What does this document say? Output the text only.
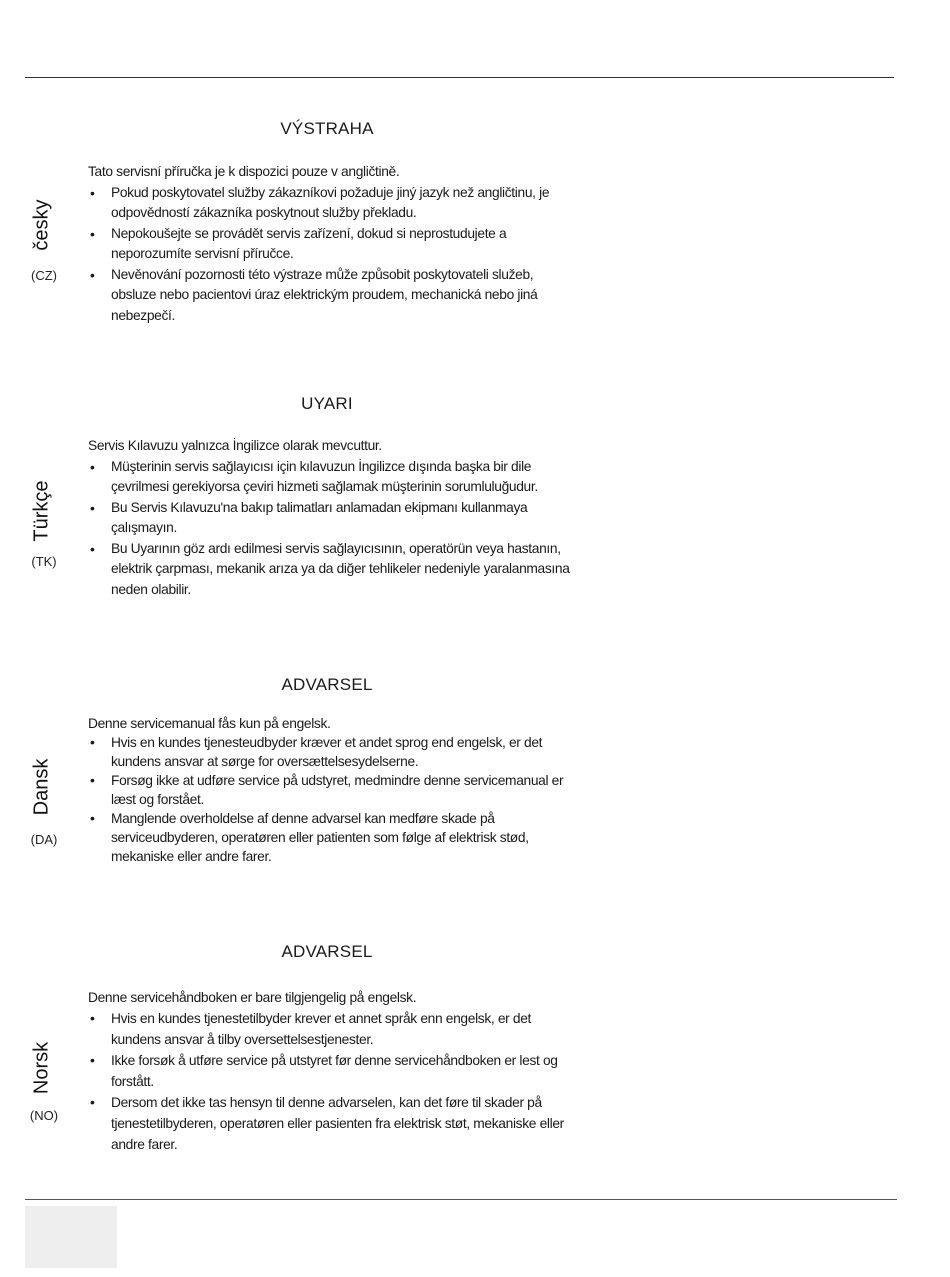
VÝSTRAHA
česky
(CZ)

Tato servisní příručka je k dispozici pouze v angličtině.

• Pokud poskytovatel služby zákazníkovi požaduje jiný jazyk než angličtinu, je odpovědností zákazníka poskytnout služby překladu.
• Nepokoušejte se provádět servis zařízení, dokud si neprostudujete a neporozumíte servisní příručce.
• Nevěnování pozornosti této výstraze může způsobit poskytovateli služeb, obsluze nebo pacientovi úraz elektrickým proudem, mechanická nebo jiná nebezpečí.
UYARI
Türkçe
(TK)

Servis Kılavuzu yalnızca İngilizce olarak mevcuttur.

• Müşterinin servis sağlayıcısı için kılavuzun İngilizce dışında başka bir dile çevrilmesi gerekiyorsa çeviri hizmeti sağlamak müşterinin sorumluluğudur.
• Bu Servis Kılavuzu'na bakıp talimatları anlamadan ekipmanı kullanmaya çalışmayın.
• Bu Uyarının göz ardı edilmesi servis sağlayıcısının, operatörün veya hastanın, elektrik çarpması, mekanik arıza ya da diğer tehlikeler nedeniyle yaralanmasına neden olabilir.
ADVARSEL
Dansk
(DA)

Denne servicemanual fås kun på engelsk.

• Hvis en kundes tjenesteudbyder kræver et andet sprog end engelsk, er det kundens ansvar at sørge for oversættelsesydelserne.
• Forsøg ikke at udføre service på udstyret, medmindre denne servicemanual er læst og forstået.
• Manglende overholdelse af denne advarsel kan medføre skade på serviceudbyderen, operatøren eller patienten som følge af elektrisk stød, mekaniske eller andre farer.
ADVARSEL
Norsk
(NO)

Denne servicehåndboken er bare tilgjengelig på engelsk.

• Hvis en kundes tjenestetilbyder krever et annet språk enn engelsk, er det kundens ansvar å tilby oversettelsestjenester.
• Ikke forsøk å utføre service på utstyret før denne servicehåndboken er lest og forstått.
• Dersom det ikke tas hensyn til denne advarselen, kan det føre til skader på tjenestetilbyderen, operatøren eller pasienten fra elektrisk støt, mekaniske eller andre farer.
